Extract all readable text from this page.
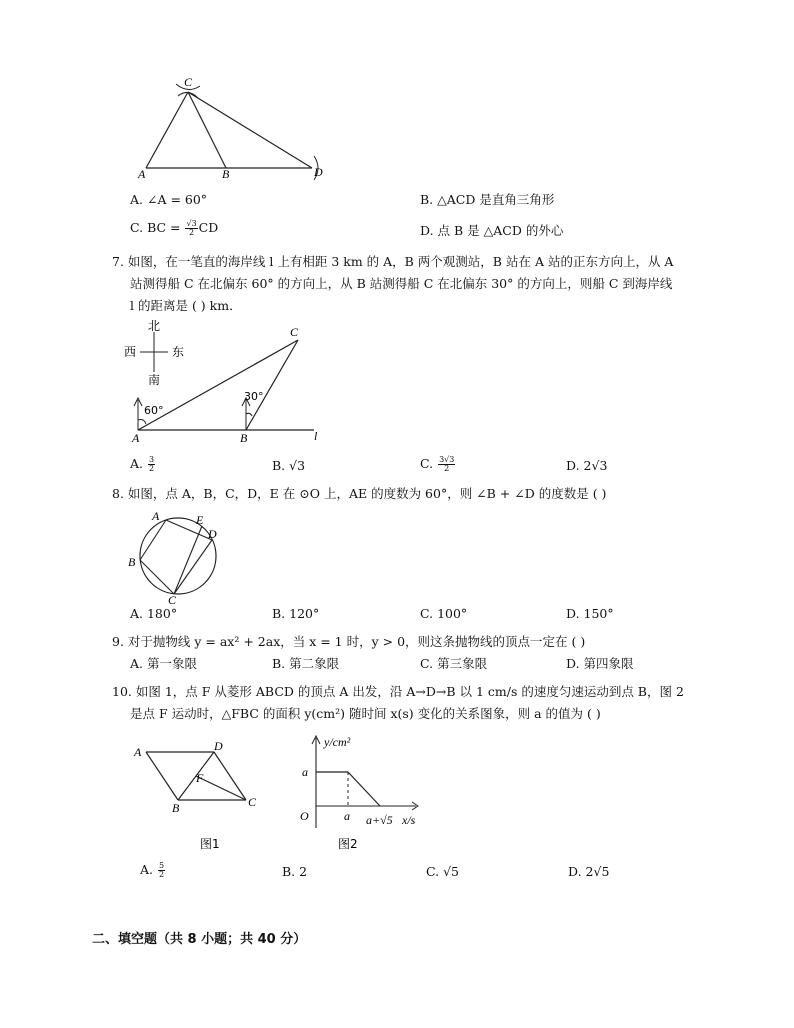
C
A	B	D
A. ∠A = 60°	B. △ACD 是直角三角形
C. BC = $\frac{√3}{2}$ CD	D. 点 B 是 △ACD 的外心
7. 如图，在一笔直的海岸线 l 上有相距 3 km 的 A，B 两个观测站，B 站在 A 站的正东方向上，从 A
站测得船 C 在北偏东 60° 的方向上，从 B 站测得船 C 在北偏东 30° 的方向上，则船 C 到海岸线
l 的距离是 ( ) km．
北
西	东
南
60°
30°
C
A	B	l
A. $\frac{3}{2}$	B. √3	C. $\frac{3√3}{2}$	D. 2√3
8. 如图，点 A，B，C，D，E 在 ⊙O 上，AE 的度数为 60°，则 ∠B + ∠D 的度数是 ( )
A	E
D
B
C
A. 180°	B. 120°	C. 100°	D. 150°
9. 对于抛物线 y = ax² + 2ax，当 x = 1 时，y > 0，则这条抛物线的顶点一定在 ( )
A. 第一象限	B. 第二象限	C. 第三象限	D. 第四象限
10. 如图 1，点 F 从菱形 ABCD 的顶点 A 出发，沿 A→D→B 以 1 cm/s 的速度匀速运动到点 B，图 2
是点 F 运动时，△FBC 的面积 y(cm²) 随时间 x(s) 变化的关系图象，则 a 的值为 ( )
A	D
F
B	C
图1
y/cm²
a
O	a a+√5 x/s
图2
A. $\frac{5}{2}$	B. 2	C. √5	D. 2√5
二、填空题（共 8 小题；共 40 分）
